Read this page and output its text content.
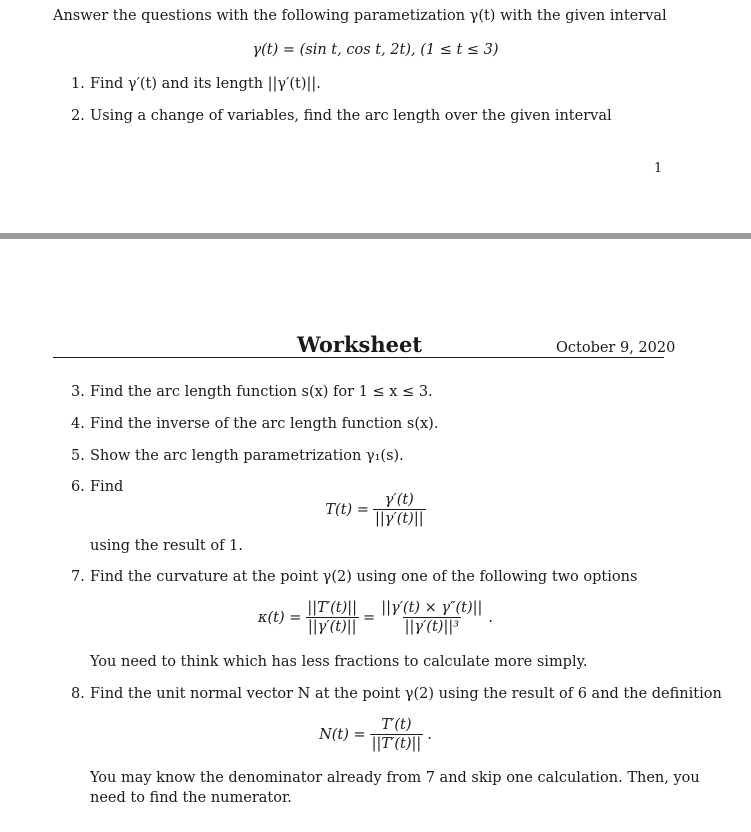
Answer the questions with the following parametization γ(t) with the given interval
γ(t) = (sin t, cos t, 2t), (1 ≤ t ≤ 3)
1. Find γ′(t) and its length ||γ′(t)||.
2. Using a change of variables, find the arc length over the given interval
1
Worksheet	October 9, 2020
3. Find the arc length function s(x) for 1 ≤ x ≤ 3.
4. Find the inverse of the arc length function s(x).
5. Show the arc length parametrization γ₁(s).
6. Find
$T(t) = \frac{\gamma'(t)}{||\gamma'(t)||}$
using the result of 1.
7. Find the curvature at the point γ(2) using one of the following two options
$\kappa(t) = \frac{||T'(t)||}{||\gamma'(t)||} = \frac{||\gamma'(t) \times \gamma''(t)||}{\text{||γ′(t)||³}}$ .
You need to think which has less fractions to calculate more simply.
8. Find the unit normal vector N at the point γ(2) using the result of 6 and the definition
$N(t) = \frac{T'(t)}{||T'(t)||}$ .
You may know the denominator already from 7 and skip one calculation. Then, you
need to find the numerator.
